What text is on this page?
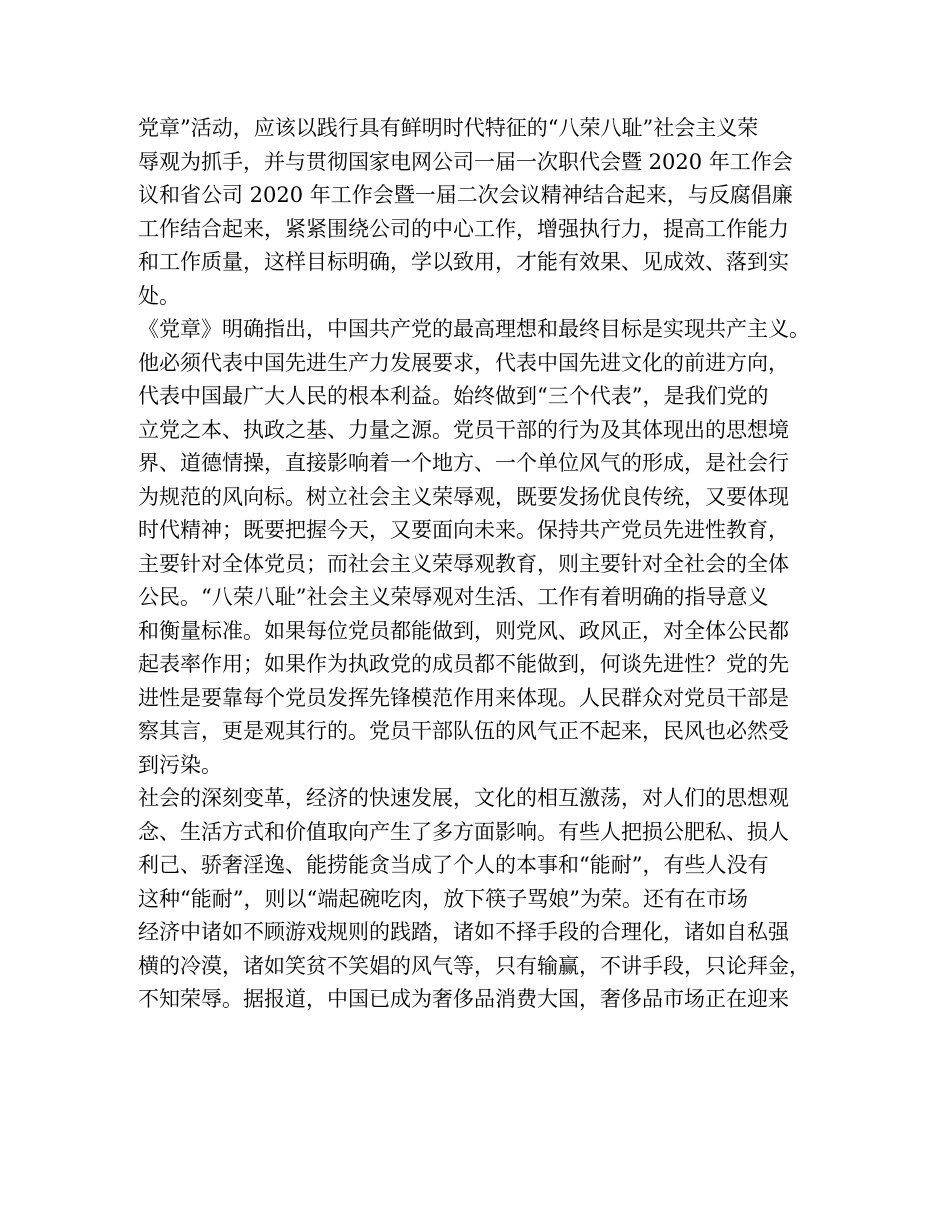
党章”活动，应该以践行具有鲜明时代特征的“八荣八耻”社会主义荣
辱观为抓手，并与贯彻国家电网公司一届一次职代会暨 2020 年工作会
议和省公司 2020 年工作会暨一届二次会议精神结合起来，与反腐倡廉
工作结合起来，紧紧围绕公司的中心工作，增强执行力，提高工作能力
和工作质量，这样目标明确，学以致用，才能有效果、见成效、落到实
处。
《党章》明确指出，中国共产党的最高理想和最终目标是实现共产主义。
他必须代表中国先进生产力发展要求，代表中国先进文化的前进方向，
代表中国最广大人民的根本利益。始终做到“三个代表”，是我们党的
立党之本、执政之基、力量之源。党员干部的行为及其体现出的思想境
界、道德情操，直接影响着一个地方、一个单位风气的形成，是社会行
为规范的风向标。树立社会主义荣辱观，既要发扬优良传统，又要体现
时代精神；既要把握今天，又要面向未来。保持共产党员先进性教育，
主要针对全体党员；而社会主义荣辱观教育，则主要针对全社会的全体
公民。“八荣八耻”社会主义荣辱观对生活、工作有着明确的指导意义
和衡量标准。如果每位党员都能做到，则党风、政风正，对全体公民都
起表率作用；如果作为执政党的成员都不能做到，何谈先进性？党的先
进性是要靠每个党员发挥先锋模范作用来体现。人民群众对党员干部是
察其言，更是观其行的。党员干部队伍的风气正不起来，民风也必然受
到污染。
社会的深刻变革，经济的快速发展，文化的相互激荡，对人们的思想观
念、生活方式和价值取向产生了多方面影响。有些人把损公肥私、损人
利己、骄奢淫逸、能捞能贪当成了个人的本事和“能耐”，有些人没有
这种“能耐”，则以“端起碗吃肉，放下筷子骂娘”为荣。还有在市场
经济中诸如不顾游戏规则的践踏，诸如不择手段的合理化，诸如自私强
横的冷漠，诸如笑贫不笑娼的风气等，只有输赢，不讲手段，只论拜金，
不知荣辱。据报道，中国已成为奢侈品消费大国，奢侈品市场正在迎来
